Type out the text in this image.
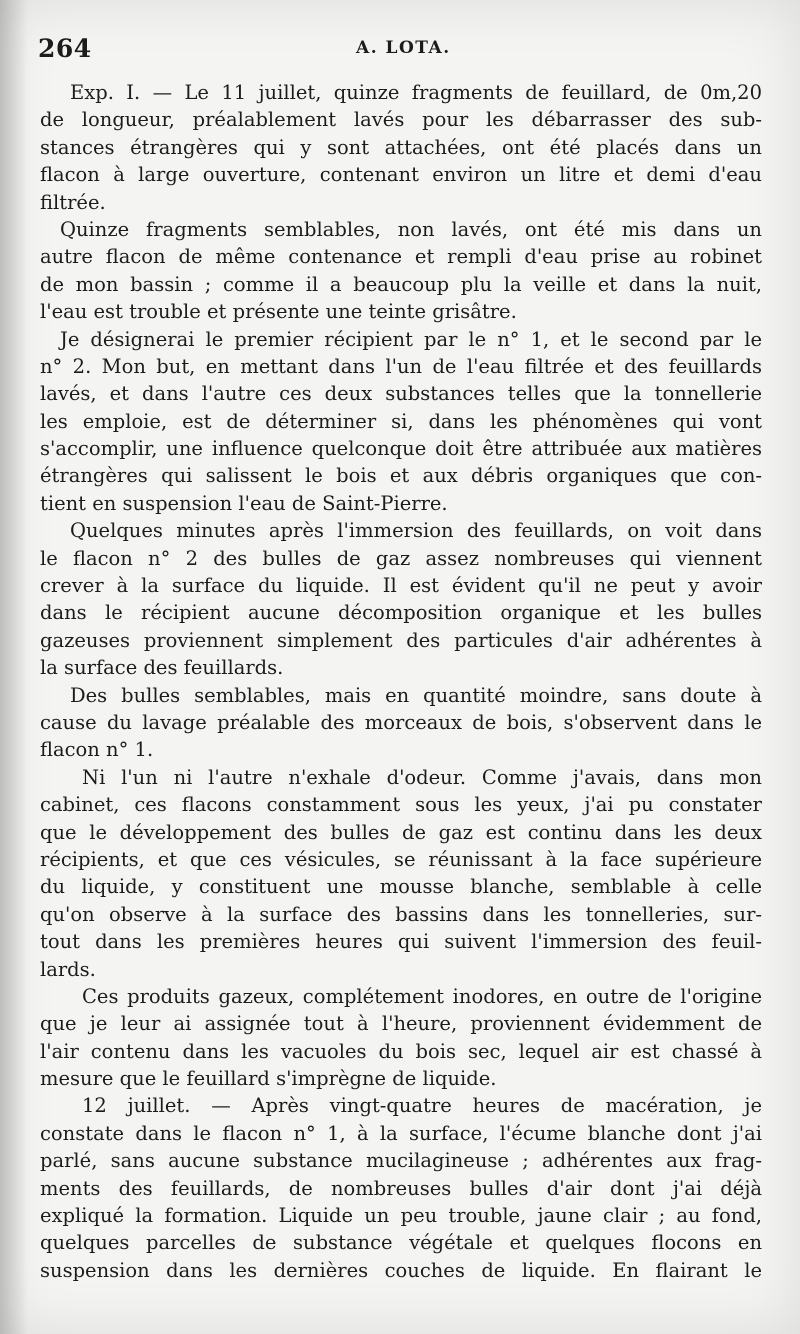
264	A. LOTA.
Exp. I. — Le 11 juillet, quinze fragments de feuillard, de 0m,20
de longueur, préalablement lavés pour les débarrasser des sub-
stances étrangères qui y sont attachées, ont été placés dans un
flacon à large ouverture, contenant environ un litre et demi d'eau
filtrée.
Quinze fragments semblables, non lavés, ont été mis dans un
autre flacon de même contenance et rempli d'eau prise au robinet
de mon bassin ; comme il a beaucoup plu la veille et dans la nuit,
l'eau est trouble et présente une teinte grisâtre.
Je désignerai le premier récipient par le n° 1, et le second par le
n° 2. Mon but, en mettant dans l'un de l'eau filtrée et des feuillards
lavés, et dans l'autre ces deux substances telles que la tonnellerie
les emploie, est de déterminer si, dans les phénomènes qui vont
s'accomplir, une influence quelconque doit être attribuée aux matières
étrangères qui salissent le bois et aux débris organiques que con-
tient en suspension l'eau de Saint-Pierre.
Quelques minutes après l'immersion des feuillards, on voit dans
le flacon n° 2 des bulles de gaz assez nombreuses qui viennent
crever à la surface du liquide. Il est évident qu'il ne peut y avoir
dans le récipient aucune décomposition organique et les bulles
gazeuses proviennent simplement des particules d'air adhérentes à
la surface des feuillards.
Des bulles semblables, mais en quantité moindre, sans doute à
cause du lavage préalable des morceaux de bois, s'observent dans le
flacon n° 1.
Ni l'un ni l'autre n'exhale d'odeur. Comme j'avais, dans mon
cabinet, ces flacons constamment sous les yeux, j'ai pu constater
que le développement des bulles de gaz est continu dans les deux
récipients, et que ces vésicules, se réunissant à la face supérieure
du liquide, y constituent une mousse blanche, semblable à celle
qu'on observe à la surface des bassins dans les tonnelleries, sur-
tout dans les premières heures qui suivent l'immersion des feuil-
lards.
Ces produits gazeux, complétement inodores, en outre de l'origine
que je leur ai assignée tout à l'heure, proviennent évidemment de
l'air contenu dans les vacuoles du bois sec, lequel air est chassé à
mesure que le feuillard s'imprègne de liquide.
12 juillet. — Après vingt-quatre heures de macération, je
constate dans le flacon n° 1, à la surface, l'écume blanche dont j'ai
parlé, sans aucune substance mucilagineuse ; adhérentes aux frag-
ments des feuillards, de nombreuses bulles d'air dont j'ai déjà
expliqué la formation. Liquide un peu trouble, jaune clair ; au fond,
quelques parcelles de substance végétale et quelques flocons en
suspension dans les dernières couches de liquide. En flairant le
